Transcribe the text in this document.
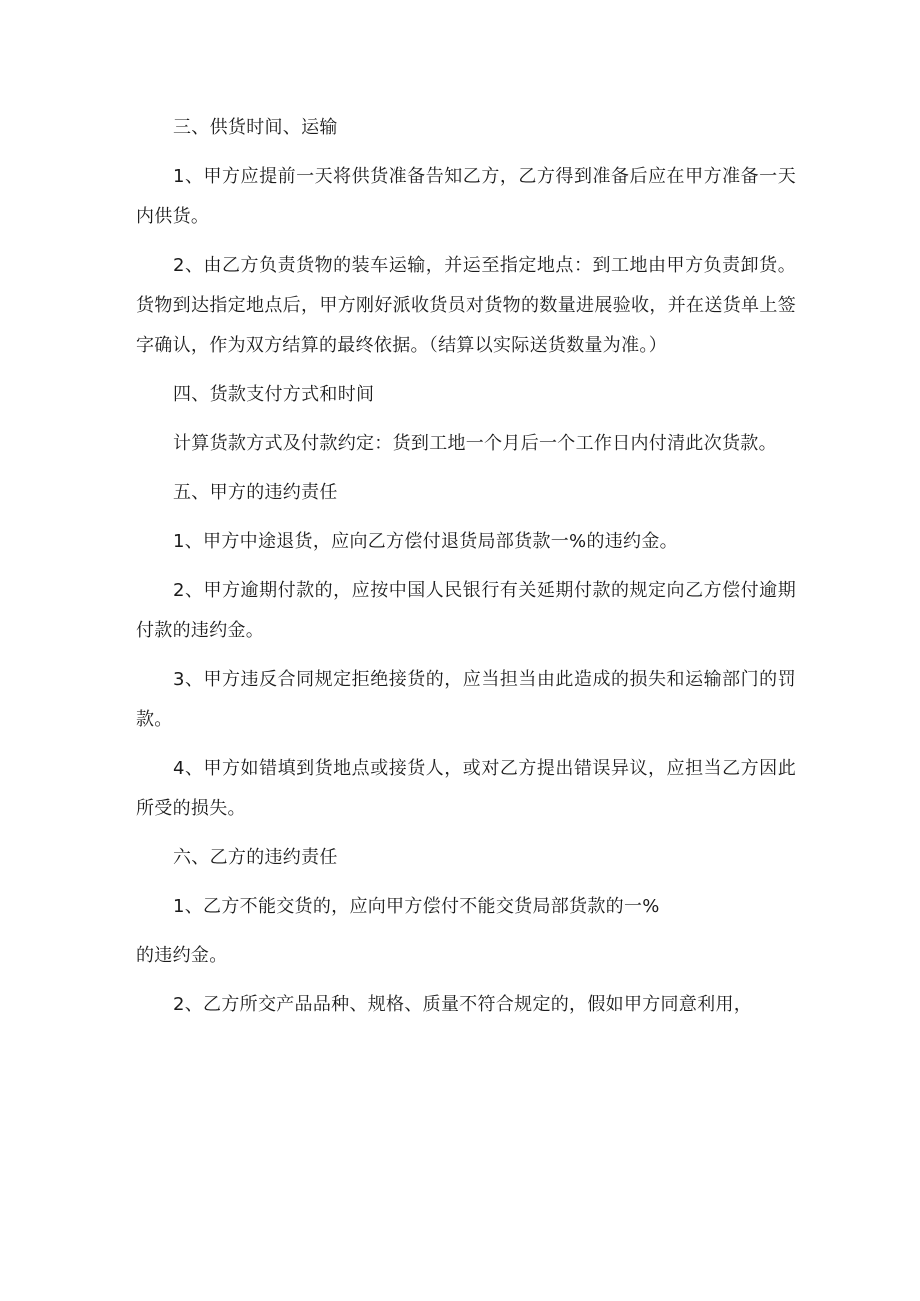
三、供货时间、运输

1、甲方应提前一天将供货准备告知乙方，乙方得到准备后应在甲方准备一天内供货。

2、由乙方负责货物的装车运输，并运至指定地点：到工地由甲方负责卸货。货物到达指定地点后，甲方刚好派收货员对货物的数量进展验收，并在送货单上签字确认，作为双方结算的最终依据。（结算以实际送货数量为准。）

四、货款支付方式和时间

计算货款方式及付款约定：货到工地一个月后一个工作日内付清此次货款。

五、甲方的违约责任

1、甲方中途退货，应向乙方偿付退货局部货款一%的违约金。

2、甲方逾期付款的，应按中国人民银行有关延期付款的规定向乙方偿付逾期付款的违约金。

3、甲方违反合同规定拒绝接货的，应当担当由此造成的损失和运输部门的罚款。

4、甲方如错填到货地点或接货人，或对乙方提出错误异议，应担当乙方因此所受的损失。

六、乙方的违约责任

1、乙方不能交货的，应向甲方偿付不能交货局部货款的一%

的违约金。

2、乙方所交产品品种、规格、质量不符合规定的，假如甲方同意利用，
